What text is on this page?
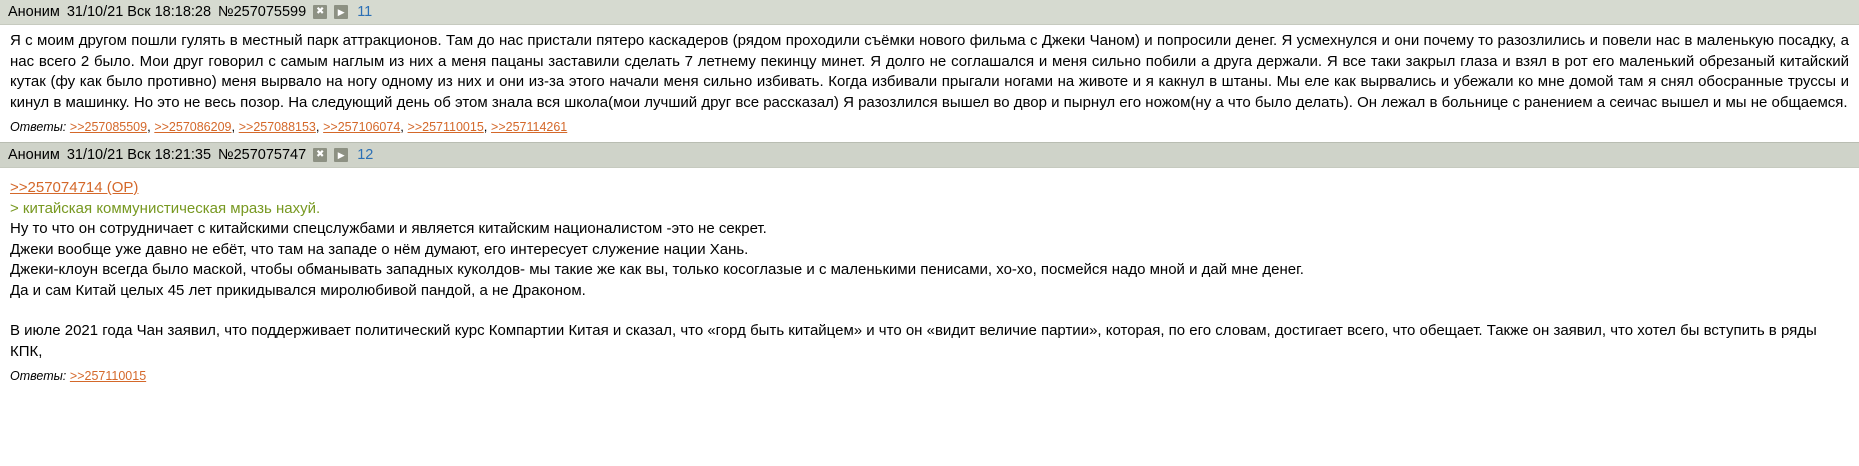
Аноним 31/10/21 Вск 18:18:28 №257075599 ✖	▶ 11

Я с моим другом пошли гулять в местный парк аттракционов. Там до нас пристали пятеро каскадеров (рядом проходили съёмки нового фильма с Джеки Чаном) и попросили денег. Я усмехнулся и они почему то разозлились и повели нас в маленькую посадку, а нас всего 2 было. Мои друг говорил с самым наглым из них а меня пацаны заставили сделать 7 летнему пекинцу минет. Я долго не соглашался и меня сильно побили а друга держали. Я все таки закрыл глаза и взял в рот его маленький обрезаный китайский кутак (фу как было противно) меня вырвало на ногу одному из них и они из-за этого начали меня сильно избивать. Когда избивали прыгали ногами на животе и я какнул в штаны. Мы еле как вырвались и убежали ко мне домой там я снял обосранные труссы и кинул в машинку. Но это не весь позор. На следующий день об этом знала вся школа(мои лучший друг все рассказал) Я разозлился вышел во двор и пырнул его ножом(ну а что было делать). Он лежал в больнице с ранением а сеичас вышел и мы не общаемся.

Ответы: >>257085509, >>257086209, >>257088153, >>257106074, >>257110015, >>257114261
Аноним 31/10/21 Вск 18:21:35 №257075747 ✖	▶ 12

>>257074714 (OP)

> китайская коммунистическая мразь нахуй.

Ну то что он сотрудничает с китайскими спецслужбами и является китайским националистом -это не секрет.

Джеки вообще уже давно не ебёт, что там на западе о нём думают, его интересует служение нации Хань.

Джеки-клоун всегда было маской, чтобы обманывать западных куколдов- мы такие же как вы, только косоглазые и с маленькими пенисами, хо-хо, посмейся надо мной и дай мне денег.

Да и сам Китай целых 45 лет прикидывался миролюбивой пандой, а не Драконом.

В июле 2021 года Чан заявил, что поддерживает политический курс Компартии Китая и сказал, что «горд быть китайцем» и что он «видит величие партии», которая, по его словам, достигает всего, что обещает. Также он заявил, что хотел бы вступить в ряды КПК,

Ответы: >>257110015
